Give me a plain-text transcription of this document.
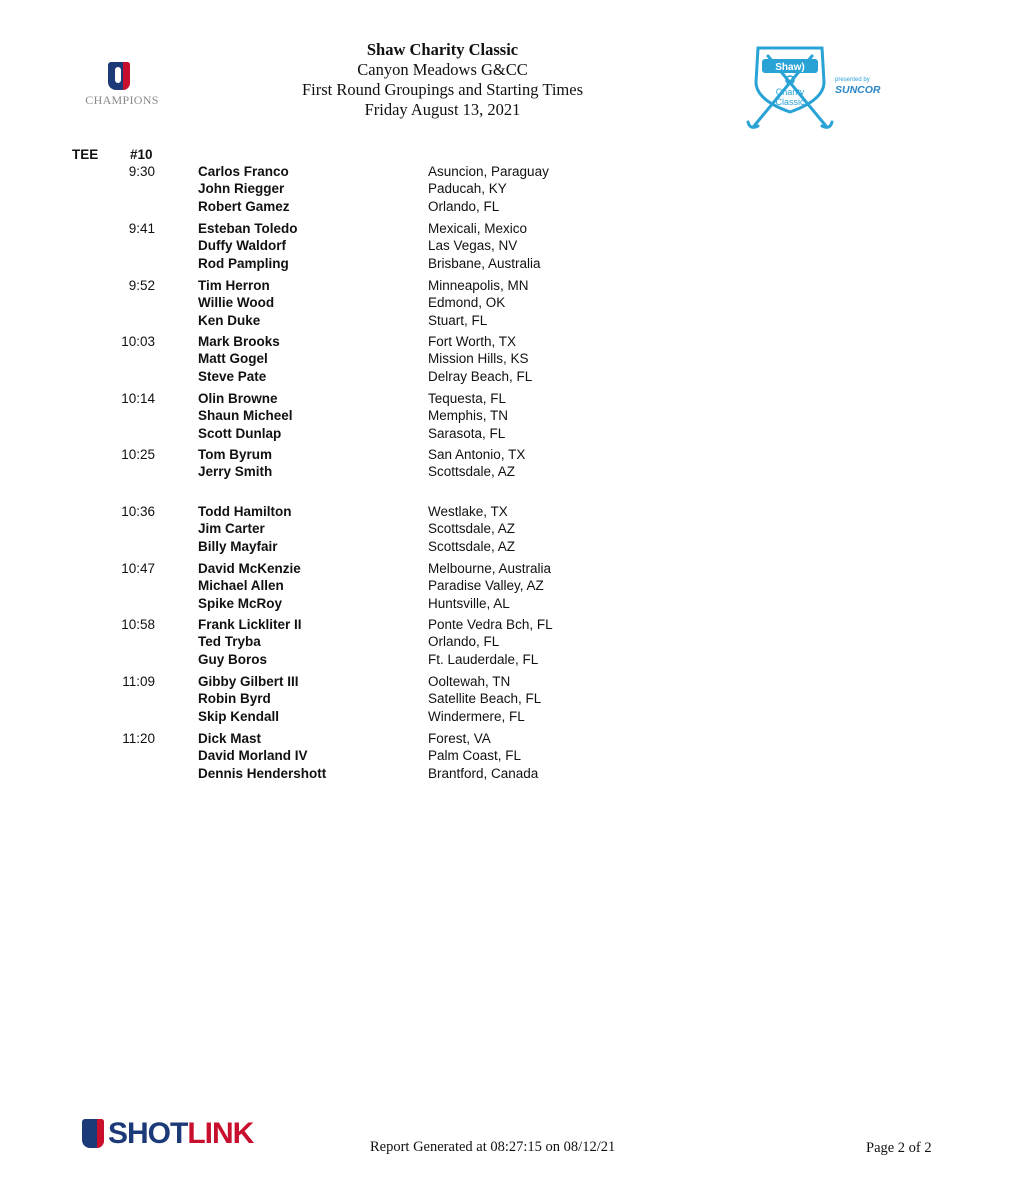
Shaw Charity Classic
Canyon Meadows G&CC
First Round Groupings and Starting Times
Friday August 13, 2021
CHAMPIONS
Shaw)
Charity
Classic
presented by
SUNCOR
TEE #10
9:30	Carlos Franco	Asuncion, Paraguay
John Riegger	Paducah, KY
Robert Gamez	Orlando, FL
9:41	Esteban Toledo	Mexicali, Mexico
Duffy Waldorf	Las Vegas, NV
Rod Pampling	Brisbane, Australia
9:52	Tim Herron	Minneapolis, MN
Willie Wood	Edmond, OK
Ken Duke	Stuart, FL
10:03	Mark Brooks	Fort Worth, TX
Matt Gogel	Mission Hills, KS
Steve Pate	Delray Beach, FL
10:14	Olin Browne	Tequesta, FL
Shaun Micheel	Memphis, TN
Scott Dunlap	Sarasota, FL
10:25	Tom Byrum	San Antonio, TX
Jerry Smith	Scottsdale, AZ
10:36	Todd Hamilton	Westlake, TX
Jim Carter	Scottsdale, AZ
Billy Mayfair	Scottsdale, AZ
10:47	David McKenzie	Melbourne, Australia
Michael Allen	Paradise Valley, AZ
Spike McRoy	Huntsville, AL
10:58	Frank Lickliter II	Ponte Vedra Bch, FL
Ted Tryba	Orlando, FL
Guy Boros	Ft. Lauderdale, FL
11:09	Gibby Gilbert III	Ooltewah, TN
Robin Byrd	Satellite Beach, FL
Skip Kendall	Windermere, FL
11:20	Dick Mast	Forest, VA
David Morland IV	Palm Coast, FL
Dennis Hendershott	Brantford, Canada
SHOTLINK	Report Generated at 08:27:15 on 08/12/21	Page 2 of 2
